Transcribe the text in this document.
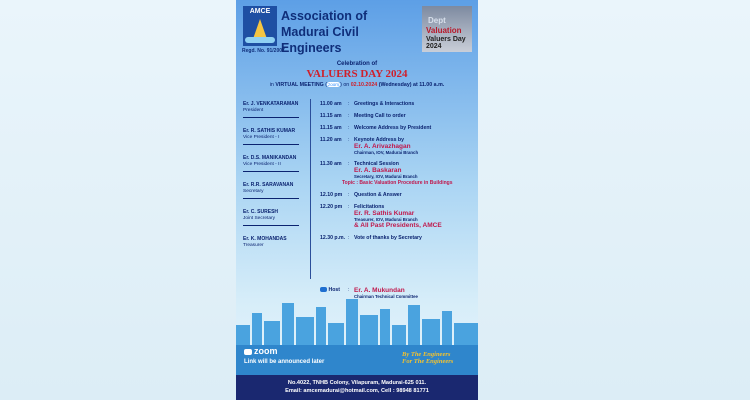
AMCE Association of
Madurai Civil Engineers
Regd. No. 91/2007
Dept
Valuation
Valuers Day 2024
Celebration of
VALUERS DAY 2024
in VIRTUAL MEETING (zoom) on 02.10.2024 (Wednesday) at 11.00 a.m.
Er. J. VENKATARAMAN
President
Er. R. SATHIS KUMAR
Vice President - I
Er. D.S. MANIKANDAN
Vice President - II
Er. R.R. SARAVANAN
Secretary
Er. C. SURESH
Joint Secretary
Er. K. MOHANDAS
Treasurer
11.00 am	: Greetings & Interactions
11.15 am	: Meeting Call to order
11.15 am	: Welcome Address by President
11.20 am	: Keynote Address by
Er. A. Arivazhagan
Chairman, IOV, Madurai Branch
11.30 am	: Technical Session
Er. A. Baskaran
Secretary, IOV, Madurai Branch
Topic : Basic Valuation Procedure in Buildings
12.10 pm	: Question & Answer
12.20 pm	: Felicitations
Er. R. Sathis Kumar
Treasurer, IOV, Madurai Branch
& All Past Presidents, AMCE
12.30 p.m. : Vote of thanks by Secretary
Host	: Er. A. Mukundan
Chairman Technical Committee
zoom
Link will be announced later
By The Engineers
For The Engineers
No.4022, TNHB Colony, Vilapuram, Madurai-625 011.
Email: amcemadurai@hotmail.com, Cell : 98948 81771
